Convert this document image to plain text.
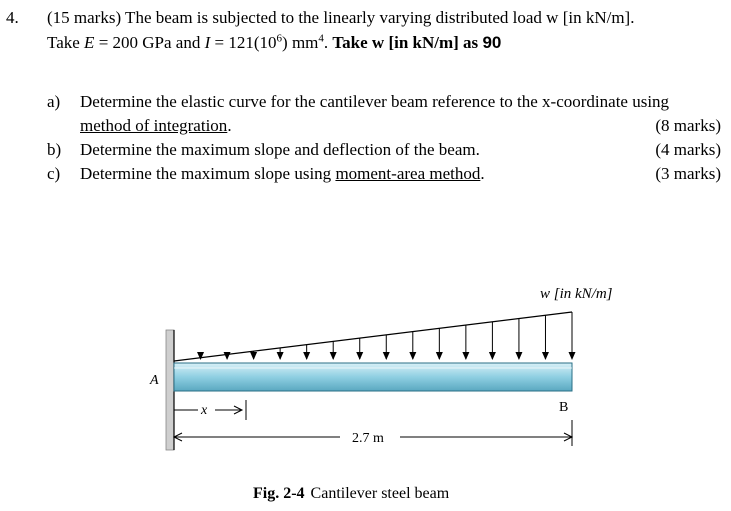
4. (15 marks) The beam is subjected to the linearly varying distributed load w [in kN/m].
Take E = 200 GPa and $I = 121(10^6)$ $mm^4$. Take w [in kN/m] as 90
a) Determine the elastic curve for the cantilever beam reference to the x-coordinate using
method of integration.	(8 marks)
b) Determine the maximum slope and deflection of the beam.	(4 marks)
c) Determine the maximum slope using moment-area method.	(3 marks)
A
B
w [in kN/m]
x
2.7 m
Fig. 2-4 Cantilever steel beam
